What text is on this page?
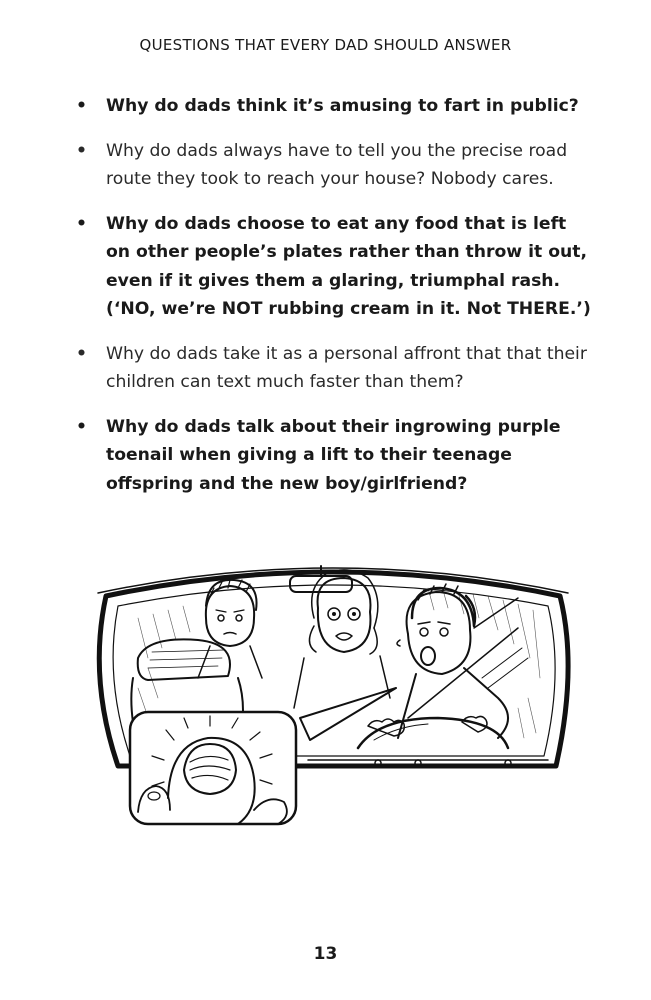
QUESTIONS THAT EVERY DAD SHOULD ANSWER
• Why do dads think it’s amusing to fart in public?
• Why do dads always have to tell you the precise road route they took to reach your house? Nobody cares.
• Why do dads choose to eat any food that is left on other people’s plates rather than throw it out, even if it gives them a glaring, triumphal rash. (‘NO, we’re NOT rubbing cream in it. Not THERE.’)
• Why do dads take it as a personal affront that that their children can text much faster than them?
• Why do dads talk about their ingrowing purple toenail when giving a lift to their teenage offspring and the new boy/girlfriend?
13
